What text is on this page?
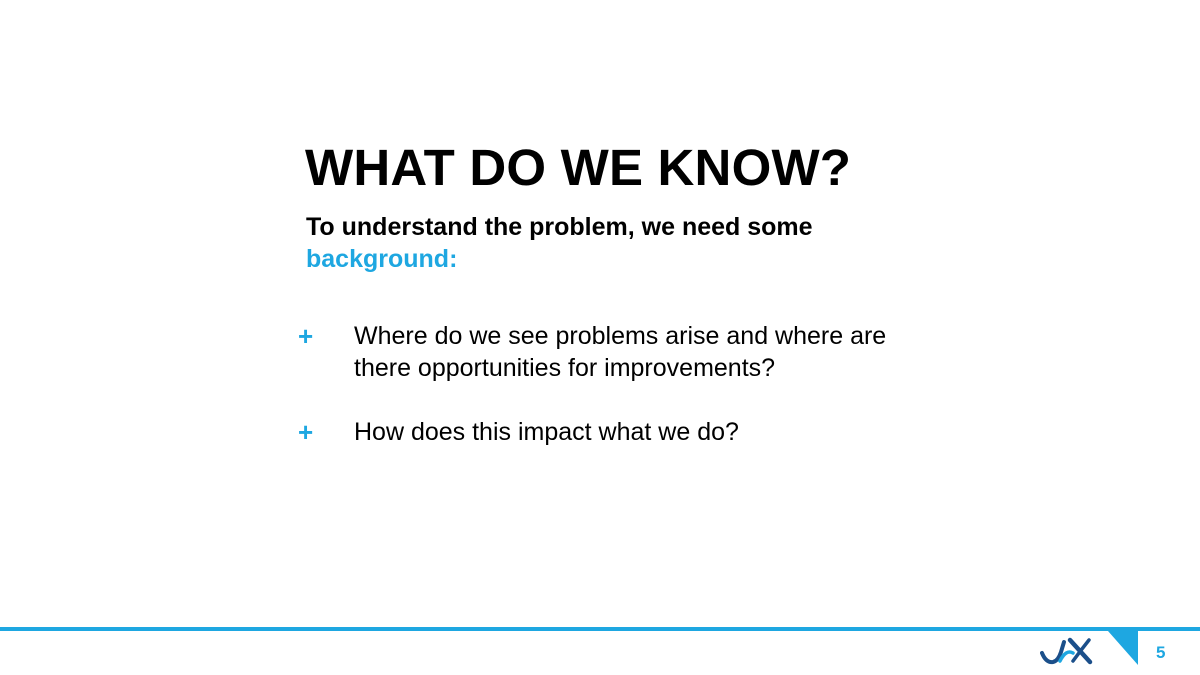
WHAT DO WE KNOW?
To understand the problem, we need some background:
+ Where do we see problems arise and where are there opportunities for improvements?
+ How does this impact what we do?
5
